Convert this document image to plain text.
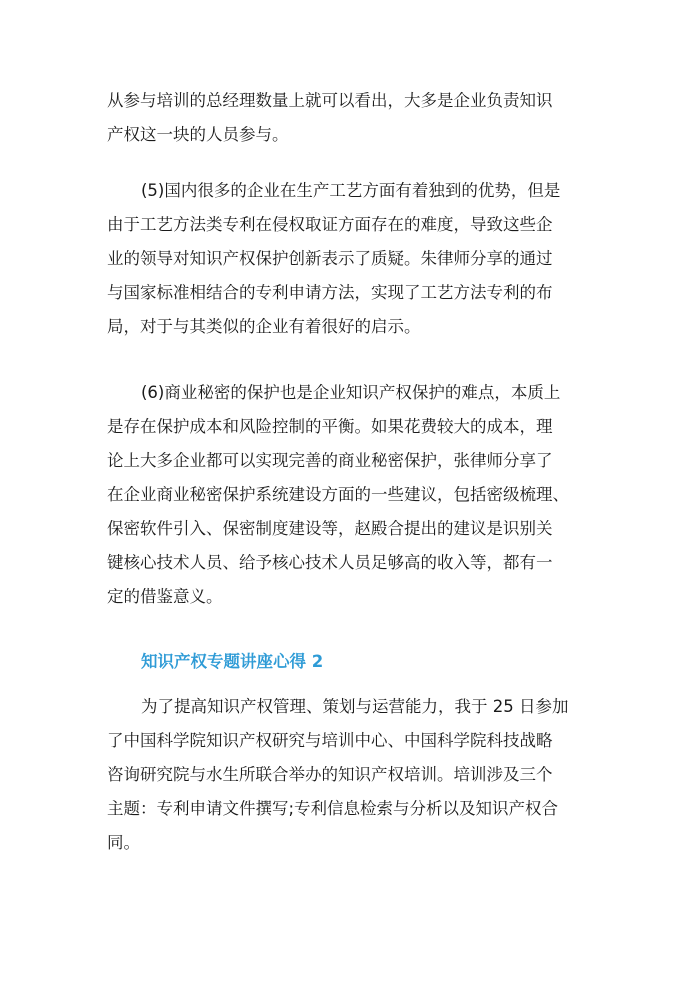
从参与培训的总经理数量上就可以看出，大多是企业负责知识
产权这一块的人员参与。
(5)国内很多的企业在生产工艺方面有着独到的优势，但是
由于工艺方法类专利在侵权取证方面存在的难度，导致这些企
业的领导对知识产权保护创新表示了质疑。朱律师分享的通过
与国家标准相结合的专利申请方法，实现了工艺方法专利的布
局，对于与其类似的企业有着很好的启示。
(6)商业秘密的保护也是企业知识产权保护的难点，本质上
是存在保护成本和风险控制的平衡。如果花费较大的成本，理
论上大多企业都可以实现完善的商业秘密保护，张律师分享了
在企业商业秘密保护系统建设方面的一些建议，包括密级梳理、
保密软件引入、保密制度建设等，赵殿合提出的建议是识别关
键核心技术人员、给予核心技术人员足够高的收入等，都有一
定的借鉴意义。
知识产权专题讲座心得 2
为了提高知识产权管理、策划与运营能力，我于 25 日参加
了中国科学院知识产权研究与培训中心、中国科学院科技战略
咨询研究院与水生所联合举办的知识产权培训。培训涉及三个
主题：专利申请文件撰写;专利信息检索与分析以及知识产权合
同。
